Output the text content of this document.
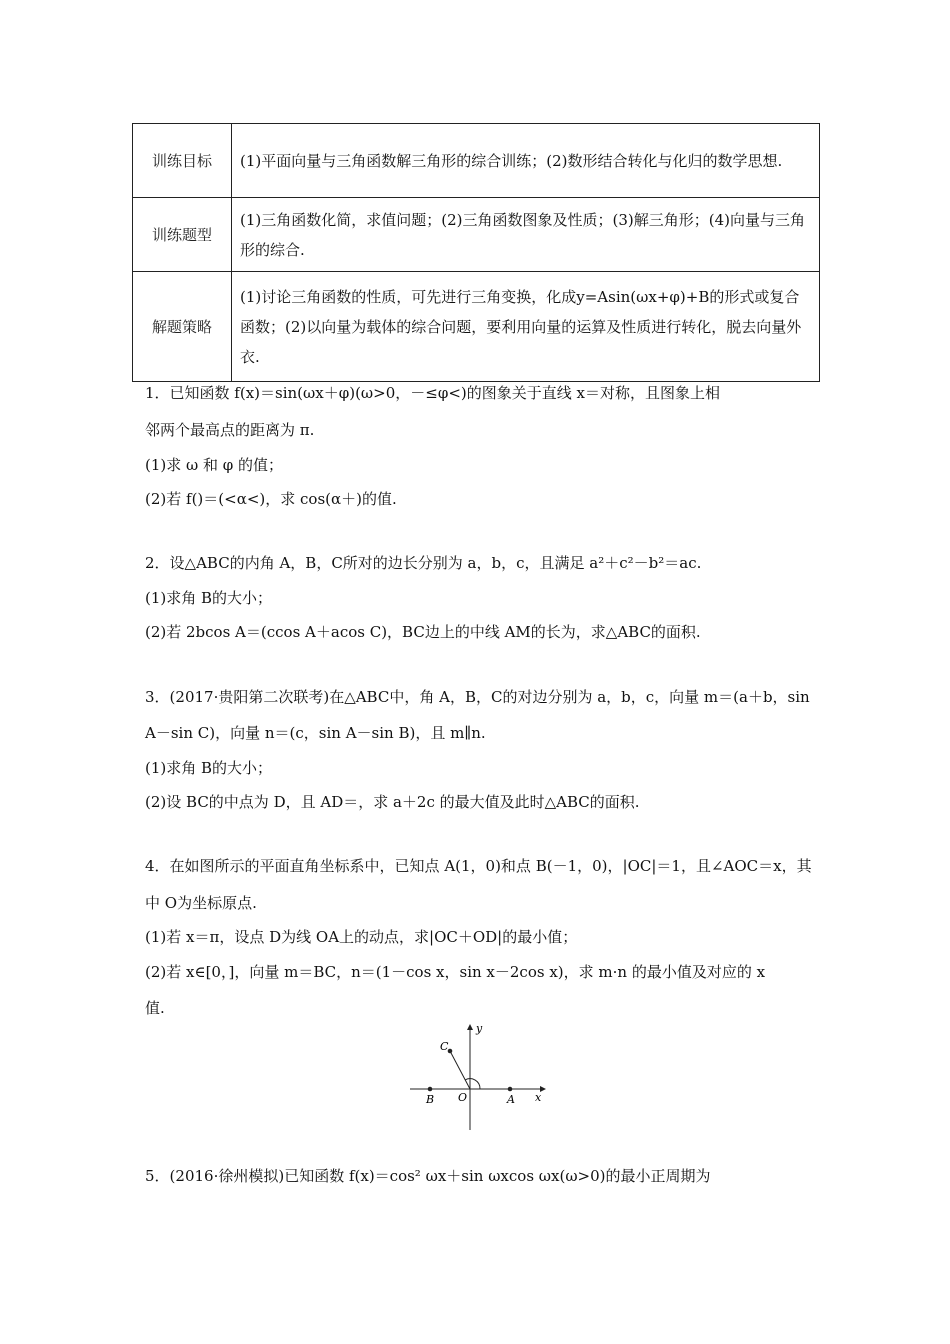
训练目标	(1)平面向量与三角函数解三角形的综合训练；(2)数形结合转化与化归的数学思想.
训练题型	(1)三角函数化简，求值问题；(2)三角函数图象及性质；(3)解三角形；(4)向量与三角形的综合.
解题策略	(1)讨论三角函数的性质，可先进行三角变换，化成y=Asin(ωx+φ)+B的形式或复合函数；(2)以向量为载体的综合问题，要利用向量的运算及性质进行转化，脱去向量外衣.
1．已知函数 f(x)＝sin(ωx＋φ)(ω>0，－≤φ<)的图象关于直线 x＝对称，且图象上相
邻两个最高点的距离为 π.
(1)求 ω 和 φ 的值；
(2)若 f()＝(<α<)，求 cos(α＋)的值.
2．设△ABC的内角 A，B，C所对的边长分别为 a，b，c，且满足 a²＋c²－b²＝ac.
(1)求角 B的大小；
(2)若 2bcos A＝(ccos A＋acos C)，BC边上的中线 AM的长为，求△ABC的面积.
3．(2017·贵阳第二次联考)在△ABC中，角 A，B，C的对边分别为 a，b，c，向量 m＝(a＋b，sin
A－sin C)，向量 n＝(c，sin A－sin B)，且 m∥n.
(1)求角 B的大小；
(2)设 BC的中点为 D，且 AD＝，求 a＋2c 的最大值及此时△ABC的面积.
4．在如图所示的平面直角坐标系中，已知点 A(1，0)和点 B(－1，0)，|OC|＝1，且∠AOC＝x，其
中 O为坐标原点.
(1)若 x＝π，设点 D为线 OA上的动点，求|OC＋OD|的最小值；
(2)若 x∈[0，]，向量 m＝BC，n＝(1－cos x，sin x－2cos x)，求 m·n 的最小值及对应的 x
值.
y
x
C
B O	A
5．(2016·徐州模拟)已知函数 f(x)＝cos² ωx＋sin ωxcos ωx(ω>0)的最小正周期为
